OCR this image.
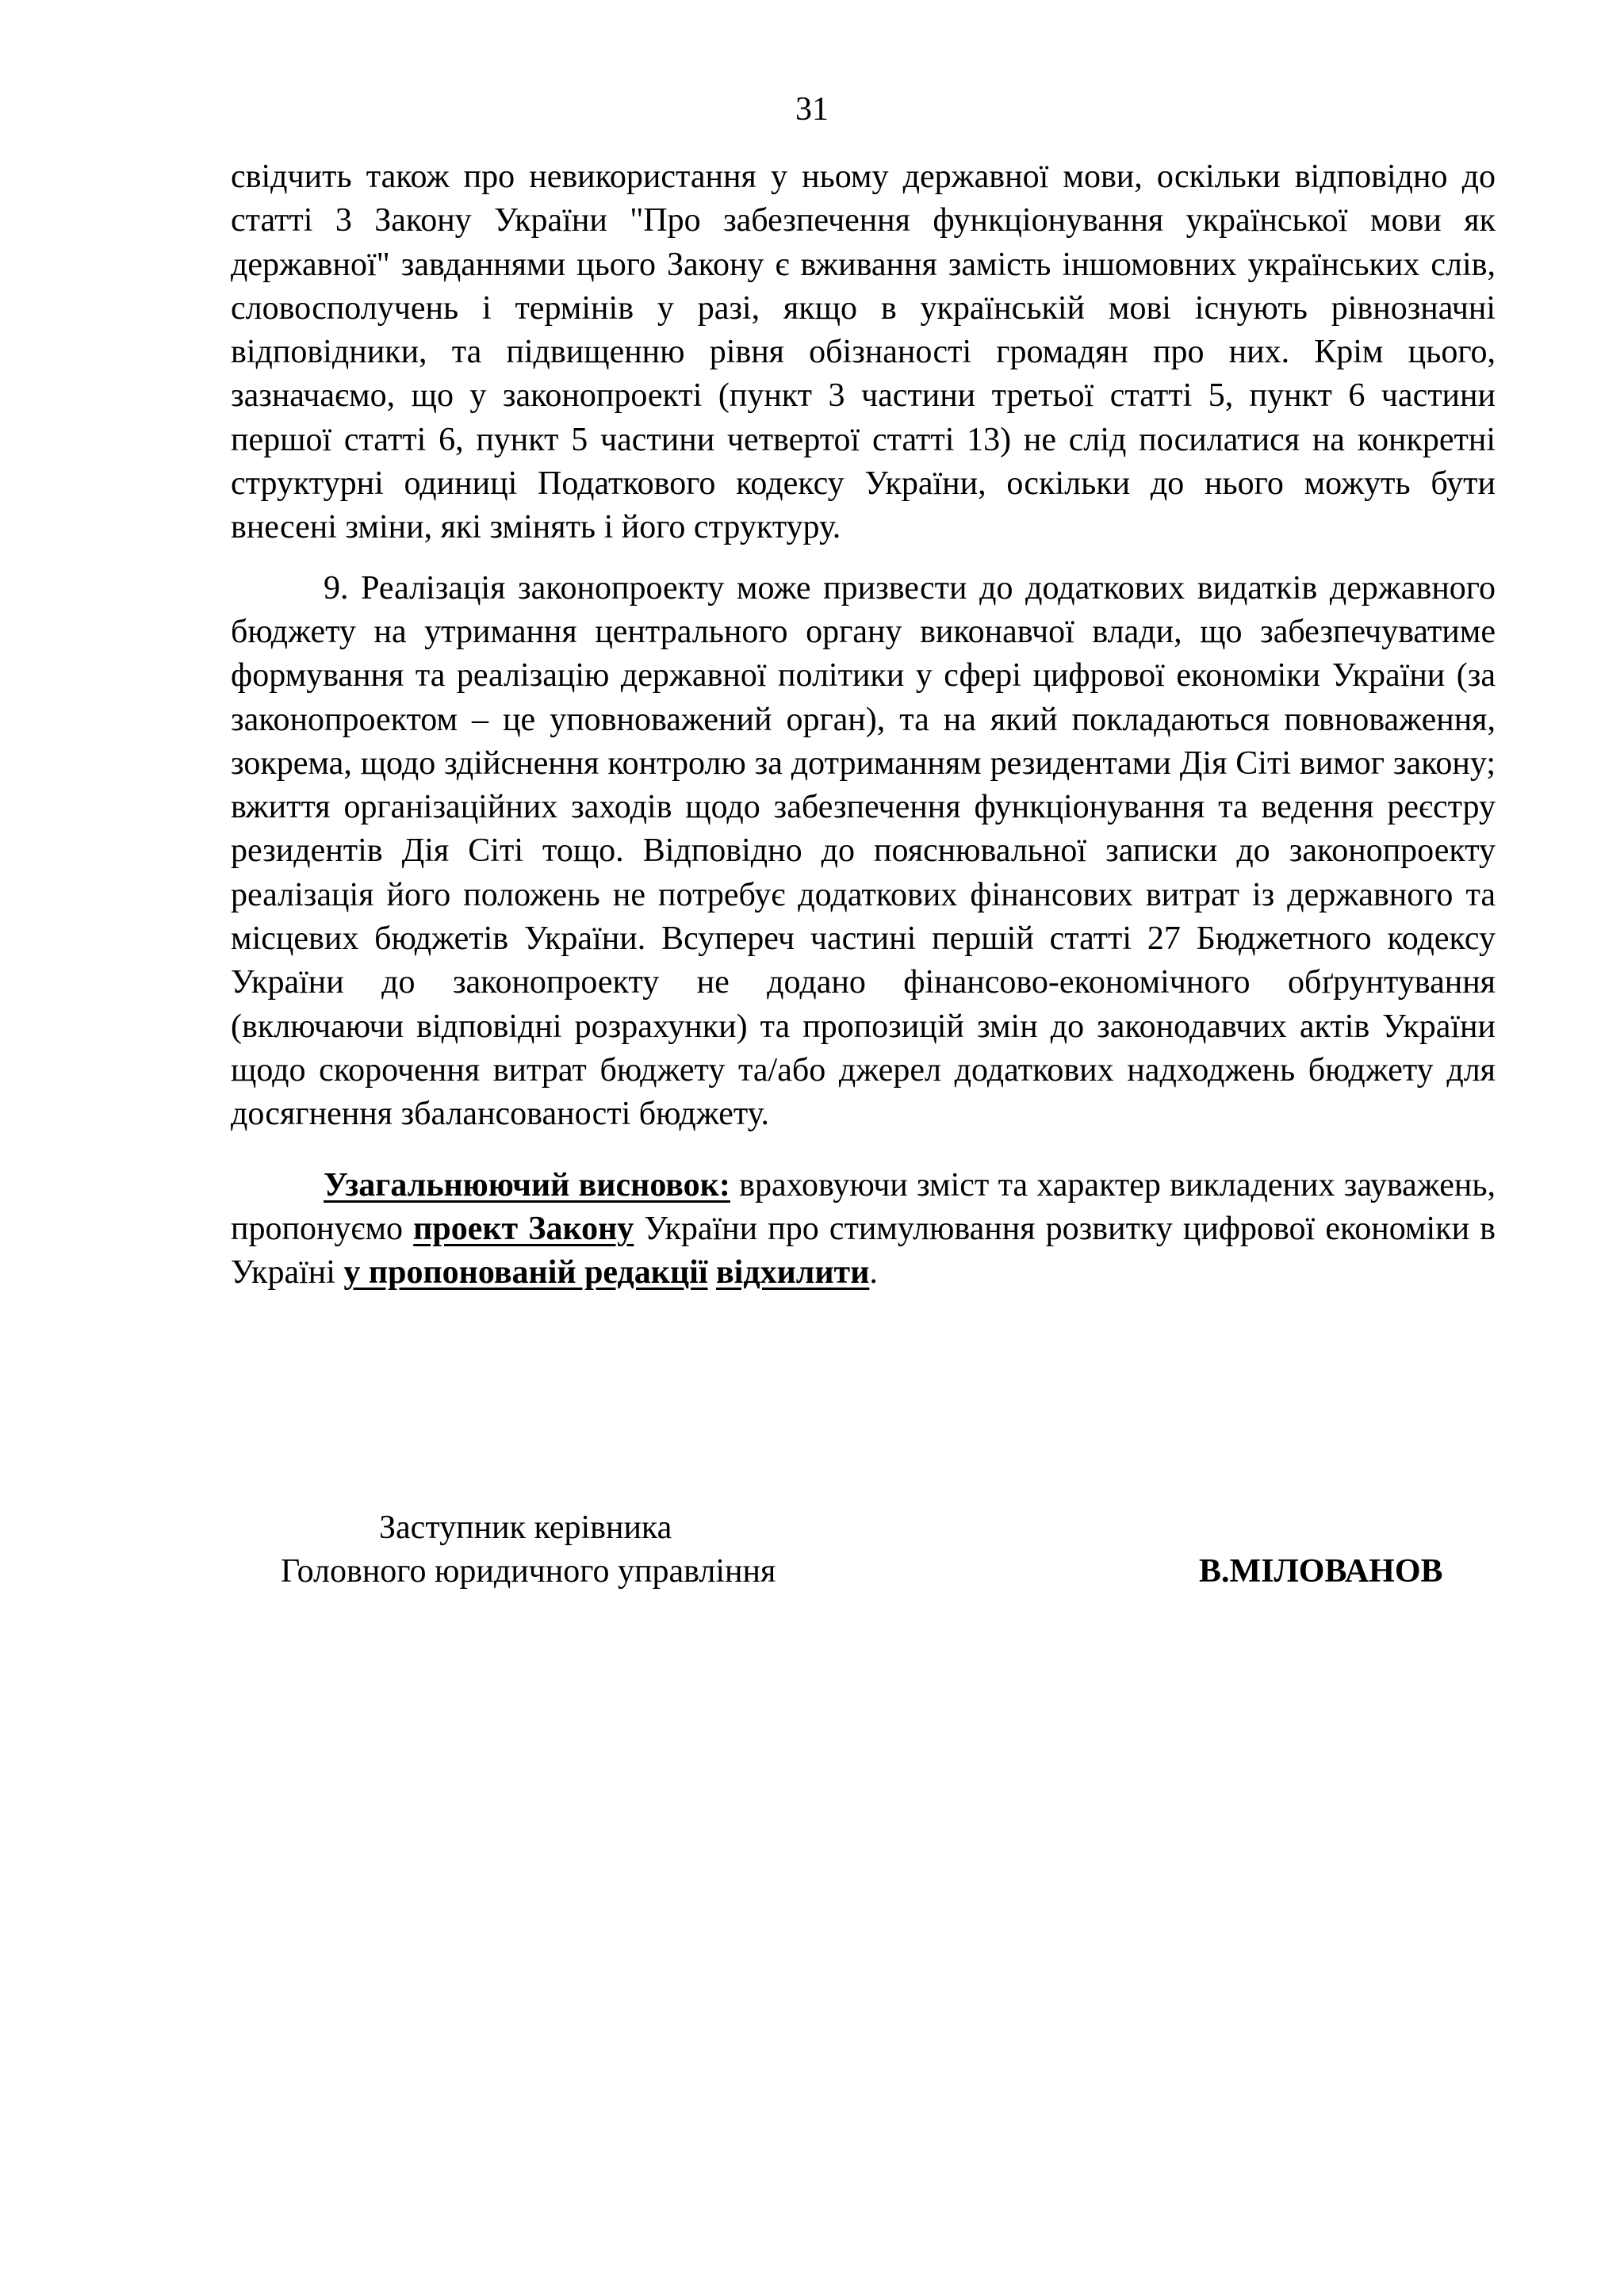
31

свідчить також про невикористання у ньому державної мови, оскільки відповідно до статті 3 Закону України "Про забезпечення функціонування української мови як державної" завданнями цього Закону є вживання замість іншомовних українських слів, словосполучень і термінів у разі, якщо в українській мові існують рівнозначні відповідники, та підвищенню рівня обізнаності громадян про них. Крім цього, зазначаємо, що у законопроекті (пункт 3 частини третьої статті 5, пункт 6 частини першої статті 6, пункт 5 частини четвертої статті 13) не слід посилатися на конкретні структурні одиниці Податкового кодексу України, оскільки до нього можуть бути внесені зміни, які змінять і його структуру.

9. Реалізація законопроекту може призвести до додаткових видатків державного бюджету на утримання центрального органу виконавчої влади, що забезпечуватиме формування та реалізацію державної політики у сфері цифрової економіки України (за законопроектом – це уповноважений орган), та на який покладаються повноваження, зокрема, щодо здійснення контролю за дотриманням резидентами Дія Сіті вимог закону; вжиття організаційних заходів щодо забезпечення функціонування та ведення реєстру резидентів Дія Сіті тощо. Відповідно до пояснювальної записки до законопроекту реалізація його положень не потребує додаткових фінансових витрат із державного та місцевих бюджетів України. Всупереч частині першій статті 27 Бюджетного кодексу України до законопроекту не додано фінансово-економічного обґрунтування (включаючи відповідні розрахунки) та пропозицій змін до законодавчих актів України щодо скорочення витрат бюджету та/або джерел додаткових надходжень бюджету для досягнення збалансованості бюджету.

Узагальнюючий висновок: враховуючи зміст та характер викладених зауважень, пропонуємо проект Закону України про стимулювання розвитку цифрової економіки в Україні у пропонованій редакції відхилити.

Заступник керівника
Головного юридичного управління	В.МІЛОВАНОВ
